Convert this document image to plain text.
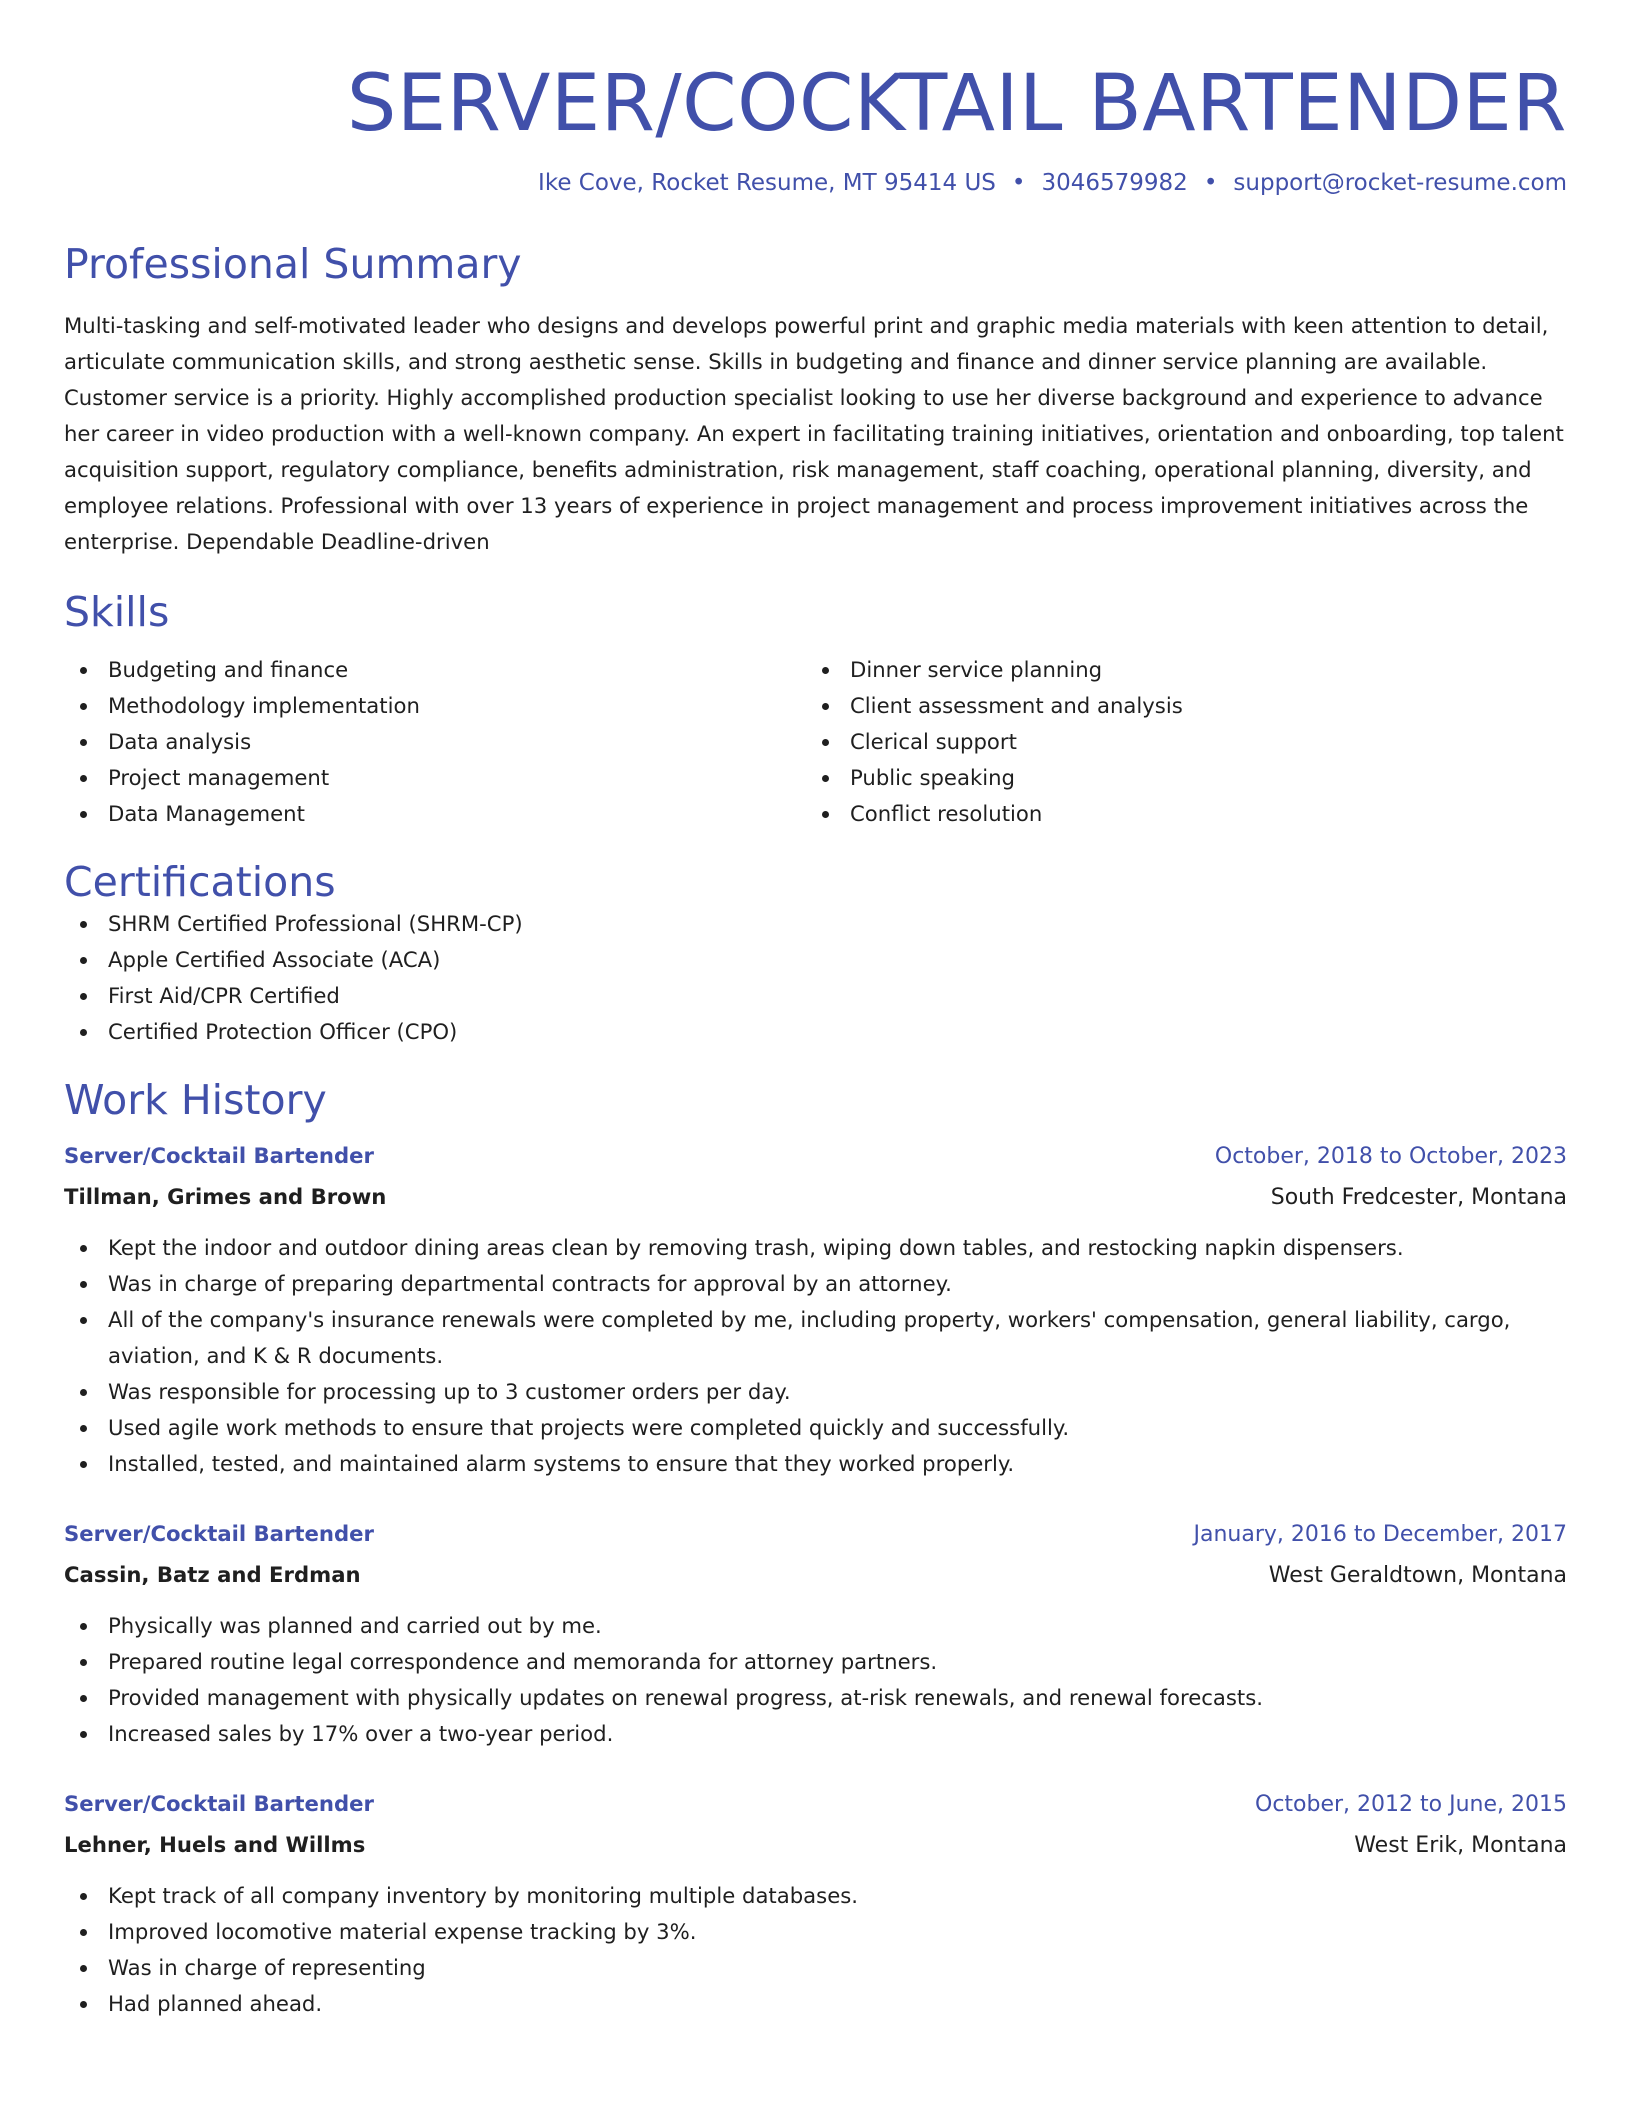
SERVER/COCKTAIL BARTENDER
Ike Cove, Rocket Resume, MT 95414 US • 3046579982 • support@rocket-resume.com
Professional Summary

Multi-tasking and self-motivated leader who designs and develops powerful print and graphic media materials with keen attention to detail, articulate communication skills, and strong aesthetic sense. Skills in budgeting and finance and dinner service planning are available. Customer service is a priority. Highly accomplished production specialist looking to use her diverse background and experience to advance her career in video production with a well-known company. An expert in facilitating training initiatives, orientation and onboarding, top talent acquisition support, regulatory compliance, benefits administration, risk management, staff coaching, operational planning, diversity, and employee relations. Professional with over 13 years of experience in project management and process improvement initiatives across the enterprise. Dependable Deadline-driven

Skills
Budgeting and finance
Methodology implementation
Data analysis
Project management
Data Management
Dinner service planning
Client assessment and analysis
Clerical support
Public speaking
Conflict resolution
Certifications
SHRM Certified Professional (SHRM-CP)
Apple Certified Associate (ACA)
First Aid/CPR Certified
Certified Protection Officer (CPO)
Work History
Server/Cocktail Bartender	October, 2018 to October, 2023
Tillman, Grimes and Brown	South Fredcester, Montana
Kept the indoor and outdoor dining areas clean by removing trash, wiping down tables, and restocking napkin dispensers.
Was in charge of preparing departmental contracts for approval by an attorney.
All of the company's insurance renewals were completed by me, including property, workers' compensation, general liability, cargo, aviation, and K & R documents.
Was responsible for processing up to 3 customer orders per day.
Used agile work methods to ensure that projects were completed quickly and successfully.
Installed, tested, and maintained alarm systems to ensure that they worked properly.
Server/Cocktail Bartender	January, 2016 to December, 2017
Cassin, Batz and Erdman	West Geraldtown, Montana
Physically was planned and carried out by me.
Prepared routine legal correspondence and memoranda for attorney partners.
Provided management with physically updates on renewal progress, at-risk renewals, and renewal forecasts.
Increased sales by 17% over a two-year period.
Server/Cocktail Bartender	October, 2012 to June, 2015
Lehner, Huels and Willms	West Erik, Montana
Kept track of all company inventory by monitoring multiple databases.
Improved locomotive material expense tracking by 3%.
Was in charge of representing
Had planned ahead.
